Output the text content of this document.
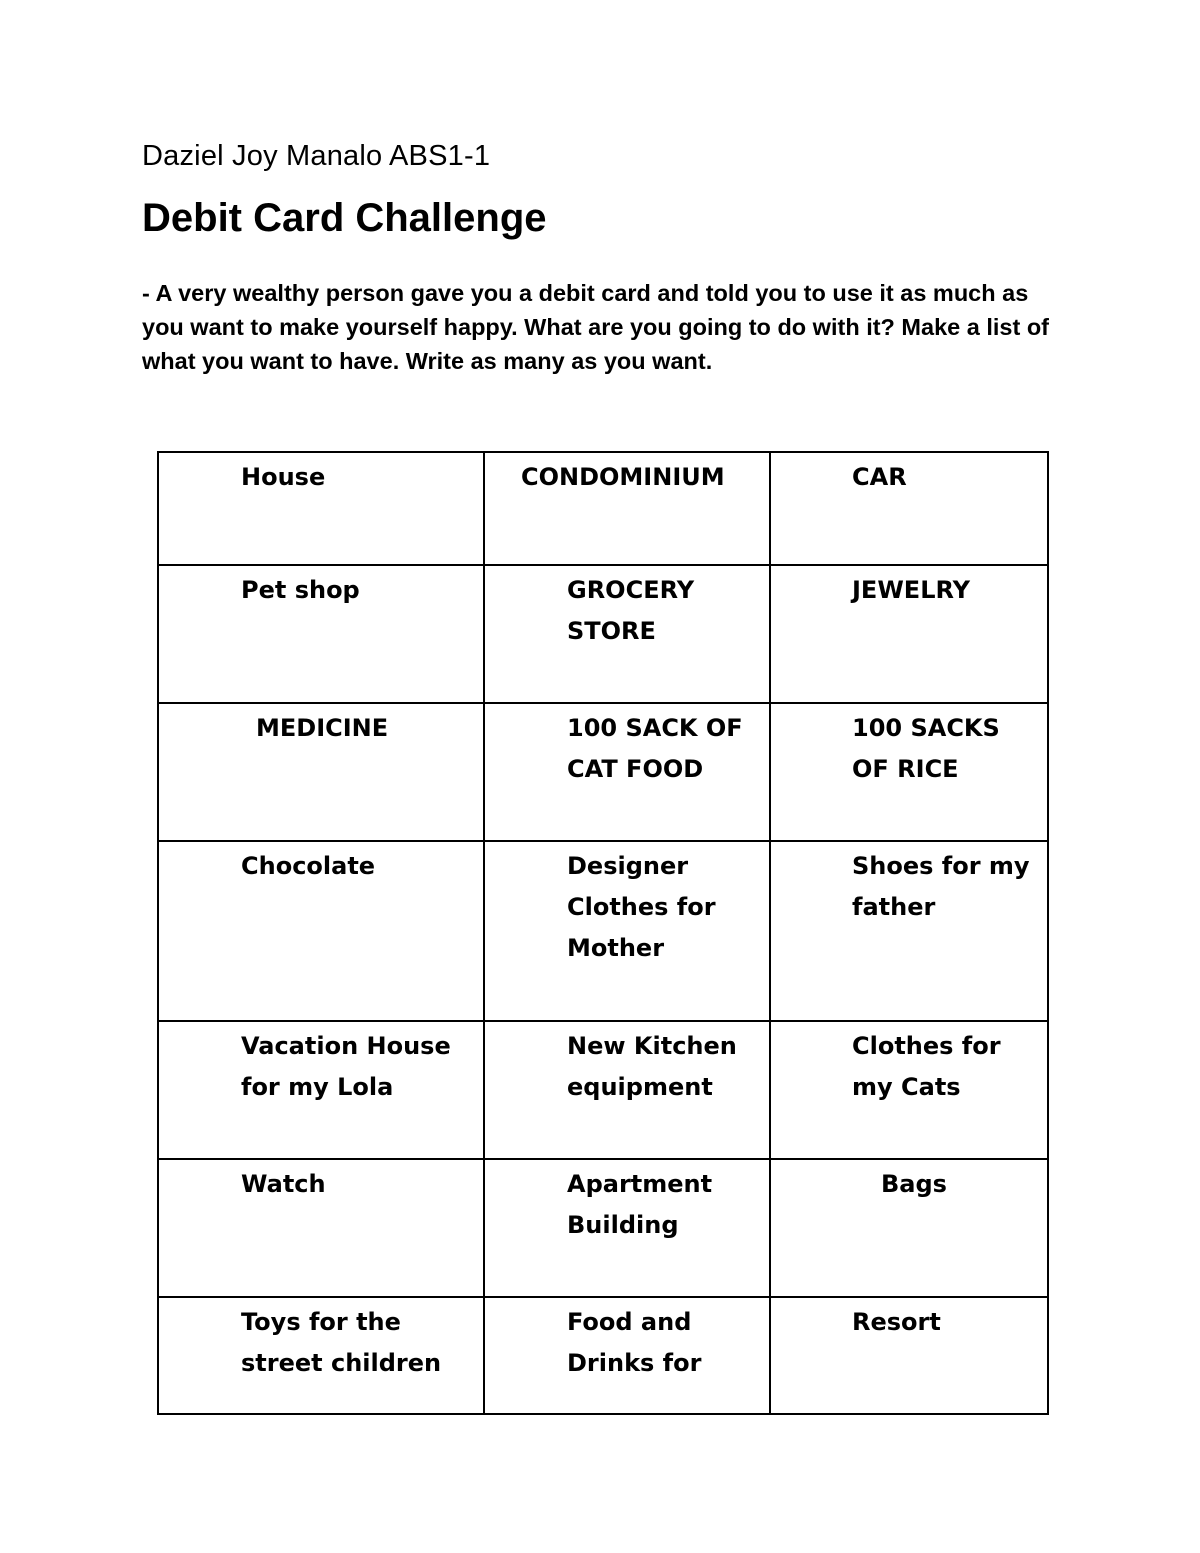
Daziel Joy Manalo ABS1-1

Debit Card Challenge

- A very wealthy person gave you a debit card and told you to use it as much as you want to make yourself happy. What are you going to do with it? Make a list of what you want to have. Write as many as you want.

House	CONDOMINIUM	CAR

Pet shop	GROCERY STORE	JEWELRY

MEDICINE	100 SACK OF CAT FOOD	100 SACKS OF RICE

Chocolate	Designer Clothes for Mother	Shoes for my father

Vacation House for my Lola	New Kitchen equipment	Clothes for my Cats

Watch	Apartment Building	Bags

Toys for the street children	Food and Drinks for	Resort
